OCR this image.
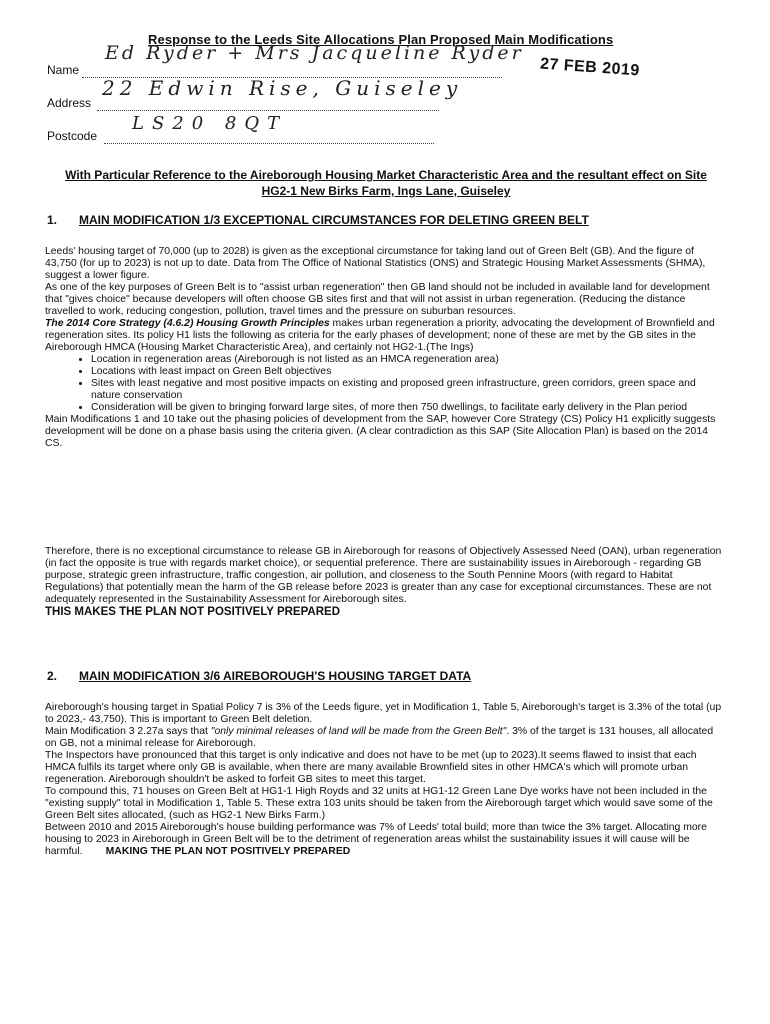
Response to the Leeds Site Allocations Plan Proposed Main Modifications
Name
Ed Ryder + Mrs Jacqueline Ryder
27 FEB 2019
Address
22 Edwin Rise, Guiseley
Postcode
LS20 8QT
With Particular Reference to the Aireborough Housing Market Characteristic Area and the resultant effect on Site HG2-1 New Birks Farm, Ings Lane, Guiseley
1. MAIN MODIFICATION 1/3 EXCEPTIONAL CIRCUMSTANCES FOR DELETING GREEN BELT

Leeds' housing target of 70,000 (up to 2028) is given as the exceptional circumstance for taking land out of Green Belt (GB). And the figure of 43,750 (for up to 2023) is not up to date. Data from The Office of National Statistics (ONS) and Strategic Housing Market Assessments (SHMA), suggest a lower figure.

As one of the key purposes of Green Belt is to "assist urban regeneration" then GB land should not be included in available land for development that "gives choice" because developers will often choose GB sites first and that will not assist in urban regeneration. (Reducing the distance travelled to work, reducing congestion, pollution, travel times and the pressure on suburban resources.

The 2014 Core Strategy (4.6.2) Housing Growth Principles makes urban regeneration a priority, advocating the development of Brownfield and regeneration sites. Its policy H1 lists the following as criteria for the early phases of development; none of these are met by the GB sites in the Aireborough HMCA (Housing Market Characteristic Area), and certainly not HG2-1.(The Ings)

• Location in regeneration areas (Aireborough is not listed as an HMCA regeneration area)
• Locations with least impact on Green Belt objectives
• Sites with least negative and most positive impacts on existing and proposed green infrastructure, green corridors, green space and nature conservation
• Consideration will be given to bringing forward large sites, of more then 750 dwellings, to facilitate early delivery in the Plan period

Main Modifications 1 and 10 take out the phasing policies of development from the SAP, however Core Strategy (CS) Policy H1 explicitly suggests development will be done on a phase basis using the criteria given. (A clear contradiction as this SAP (Site Allocation Plan) is based on the 2014 CS.

Therefore, there is no exceptional circumstance to release GB in Aireborough for reasons of Objectively Assessed Need (OAN), urban regeneration (in fact the opposite is true with regards market choice), or sequential preference. There are sustainability issues in Aireborough - regarding GB purpose, strategic green infrastructure, traffic congestion, air pollution, and closeness to the South Pennine Moors (with regard to Habitat Regulations) that potentially mean the harm of the GB release before 2023 is greater than any case for exceptional circumstances. These are not adequately represented in the Sustainability Assessment for Aireborough sites.

THIS MAKES THE PLAN NOT POSITIVELY PREPARED

2. MAIN MODIFICATION 3/6 AIREBOROUGH'S HOUSING TARGET DATA

Aireborough's housing target in Spatial Policy 7 is 3% of the Leeds figure, yet in Modification 1, Table 5, Aireborough's target is 3.3% of the total (up to 2023,- 43,750). This is important to Green Belt deletion.

Main Modification 3 2.27a says that "only minimal releases of land will be made from the Green Belt". 3% of the target is 131 houses, all allocated on GB, not a minimal release for Aireborough.

The Inspectors have pronounced that this target is only indicative and does not have to be met (up to 2023).It seems flawed to insist that each HMCA fulfils its target where only GB is available, when there are many available Brownfield sites in other HMCA's which will promote urban regeneration. Aireborough shouldn't be asked to forfeit GB sites to meet this target.

To compound this, 71 houses on Green Belt at HG1-1 High Royds and 32 units at HG1-12 Green Lane Dye works have not been included in the "existing supply" total in Modification 1, Table 5. These extra 103 units should be taken from the Aireborough target which would save some of the Green Belt sites allocated, (such as HG2-1 New Birks Farm.)

Between 2010 and 2015 Aireborough's house building performance was 7% of Leeds' total build; more than twice the 3% target. Allocating more housing to 2023 in Aireborough in Green Belt will be to the detriment of regeneration areas whilst the sustainability issues it will cause will be harmful. MAKING THE PLAN NOT POSITIVELY PREPARED
